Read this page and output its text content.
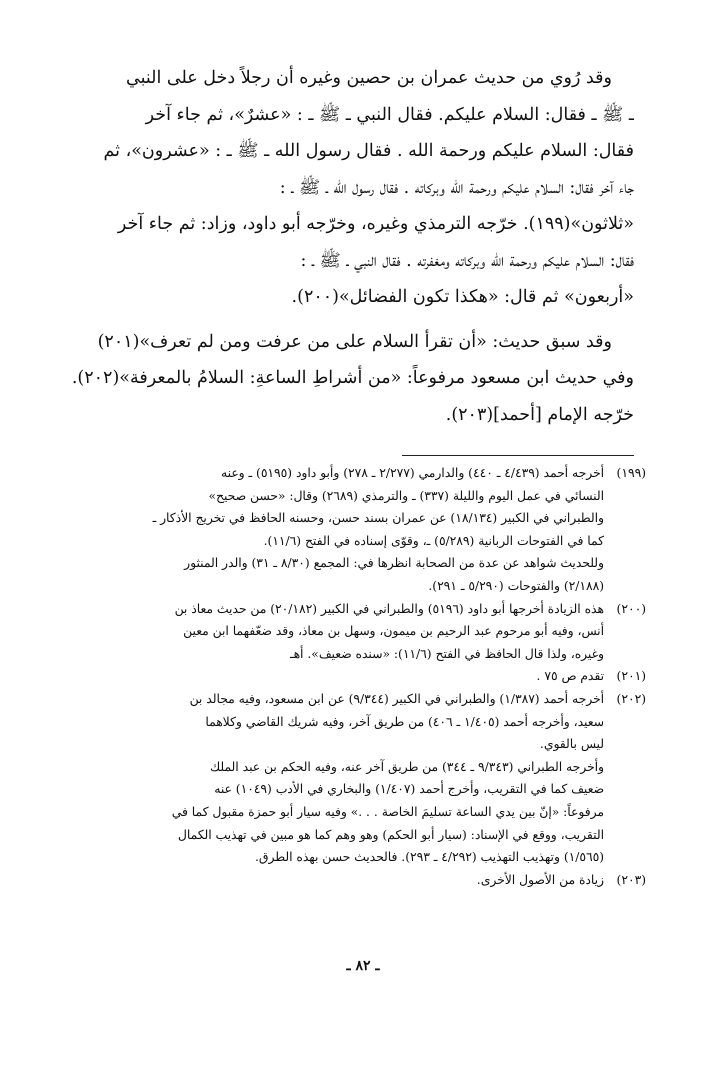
وقد رُوي من حديث عمران بن حصين وغيره أن رجلاً دخل على النبي
ـ ﷺ ـ فقال: السلام عليكم. فقال النبي ـ ﷺ ـ : «عشرٌ»، ثم جاء آخر
فقال: السلام عليكم ورحمة الله . فقال رسول الله ـ ﷺ ـ : «عشرون»، ثم
جاء آخر فقال: السلام عليكم ورحمة الله وبركاته . فقال رسول الله ـ ﷺ ـ :
«ثلاثون»(١٩٩). خرّجه الترمذي وغيره، وخرّجه أبو داود، وزاد: ثم جاء آخر
فقال: السلام عليكم ورحمة الله وبركاته ومغفرته . فقال النبي ـ ﷺ ـ :
«أربعون» ثم قال: «هكذا تكون الفضائل»(٢٠٠).

وقد سبق حديث: «أن تقرأ السلام على من عرفت ومن لم تعرف»(٢٠١)
وفي حديث ابن مسعود مرفوعاً: «من أشراطِ الساعةِ: السلامُ بالمعرفة»(٢٠٢).
خرّجه الإمام [أحمد](٢٠٣).

(١٩٩)
أخرجه أحمد (٤/٤٣٩ ـ ٤٤٠) والدارمي (٢/٢٧٧ ـ ٢٧٨) وأبو داود (٥١٩٥) ـ وعنه
النسائي في عمل اليوم والليلة (٣٣٧) ـ والترمذي (٢٦٨٩) وقال: «حسن صحيح»
والطبراني في الكبير (١٨/١٣٤) عن عمران بسند حسن، وحسنه الحافظ في تخريج الأذكار ـ
كما في الفتوحات الربانية (٥/٢٨٩) ـ، وقوّى إسناده في الفتح (١١/٦).
وللحديث شواهد عن عدة من الصحابة انظرها في: المجمع (٨/٣٠ ـ ٣١) والدر المنثور
(٢/١٨٨) والفتوحات (٥/٢٩٠ ـ ٢٩١).
(٢٠٠)
هذه الزيادة أخرجها أبو داود (٥١٩٦) والطبراني في الكبير (٢٠/١٨٢) من حديث معاذ بن
أنس، وفيه أبو مرحوم عبد الرحيم بن ميمون، وسهل بن معاذ، وقد ضعّفهما ابن معين
وغيره، ولذا قال الحافظ في الفتح (١١/٦): «سنده ضعيف». أهـ
(٢٠١)
تقدم ص ٧٥ .
(٢٠٢)
أخرجه أحمد (١/٣٨٧) والطبراني في الكبير (٩/٣٤٤) عن ابن مسعود، وفيه مجالد بن
سعيد، وأخرجه أحمد (١/٤٠٥ ـ ٤٠٦) من طريق آخر، وفيه شريك القاضي وكلاهما
ليس بالقوي.
وأخرجه الطبراني (٩/٣٤٣ ـ ٣٤٤) من طريق آخر عنه، وفيه الحكم بن عبد الملك
ضعيف كما في التقريب، وأخرج أحمد (١/٤٠٧) والبخاري في الأدب (١٠٤٩) عنه
مرفوعاً: «إنّ بين يدي الساعة تسليمَ الخاصة . . .» وفيه سيار أبو حمزة مقبول كما في
التقريب، ووقع في الإسناد: (سيار أبو الحكم) وهو وهم كما هو مبين في تهذيب الكمال
(١/٥٦٥) وتهذيب التهذيب (٤/٢٩٢ ـ ٢٩٣). فالحديث حسن بهذه الطرق.
(٢٠٣)
زيادة من الأصول الأخرى.
ـ ٨٢ ـ
